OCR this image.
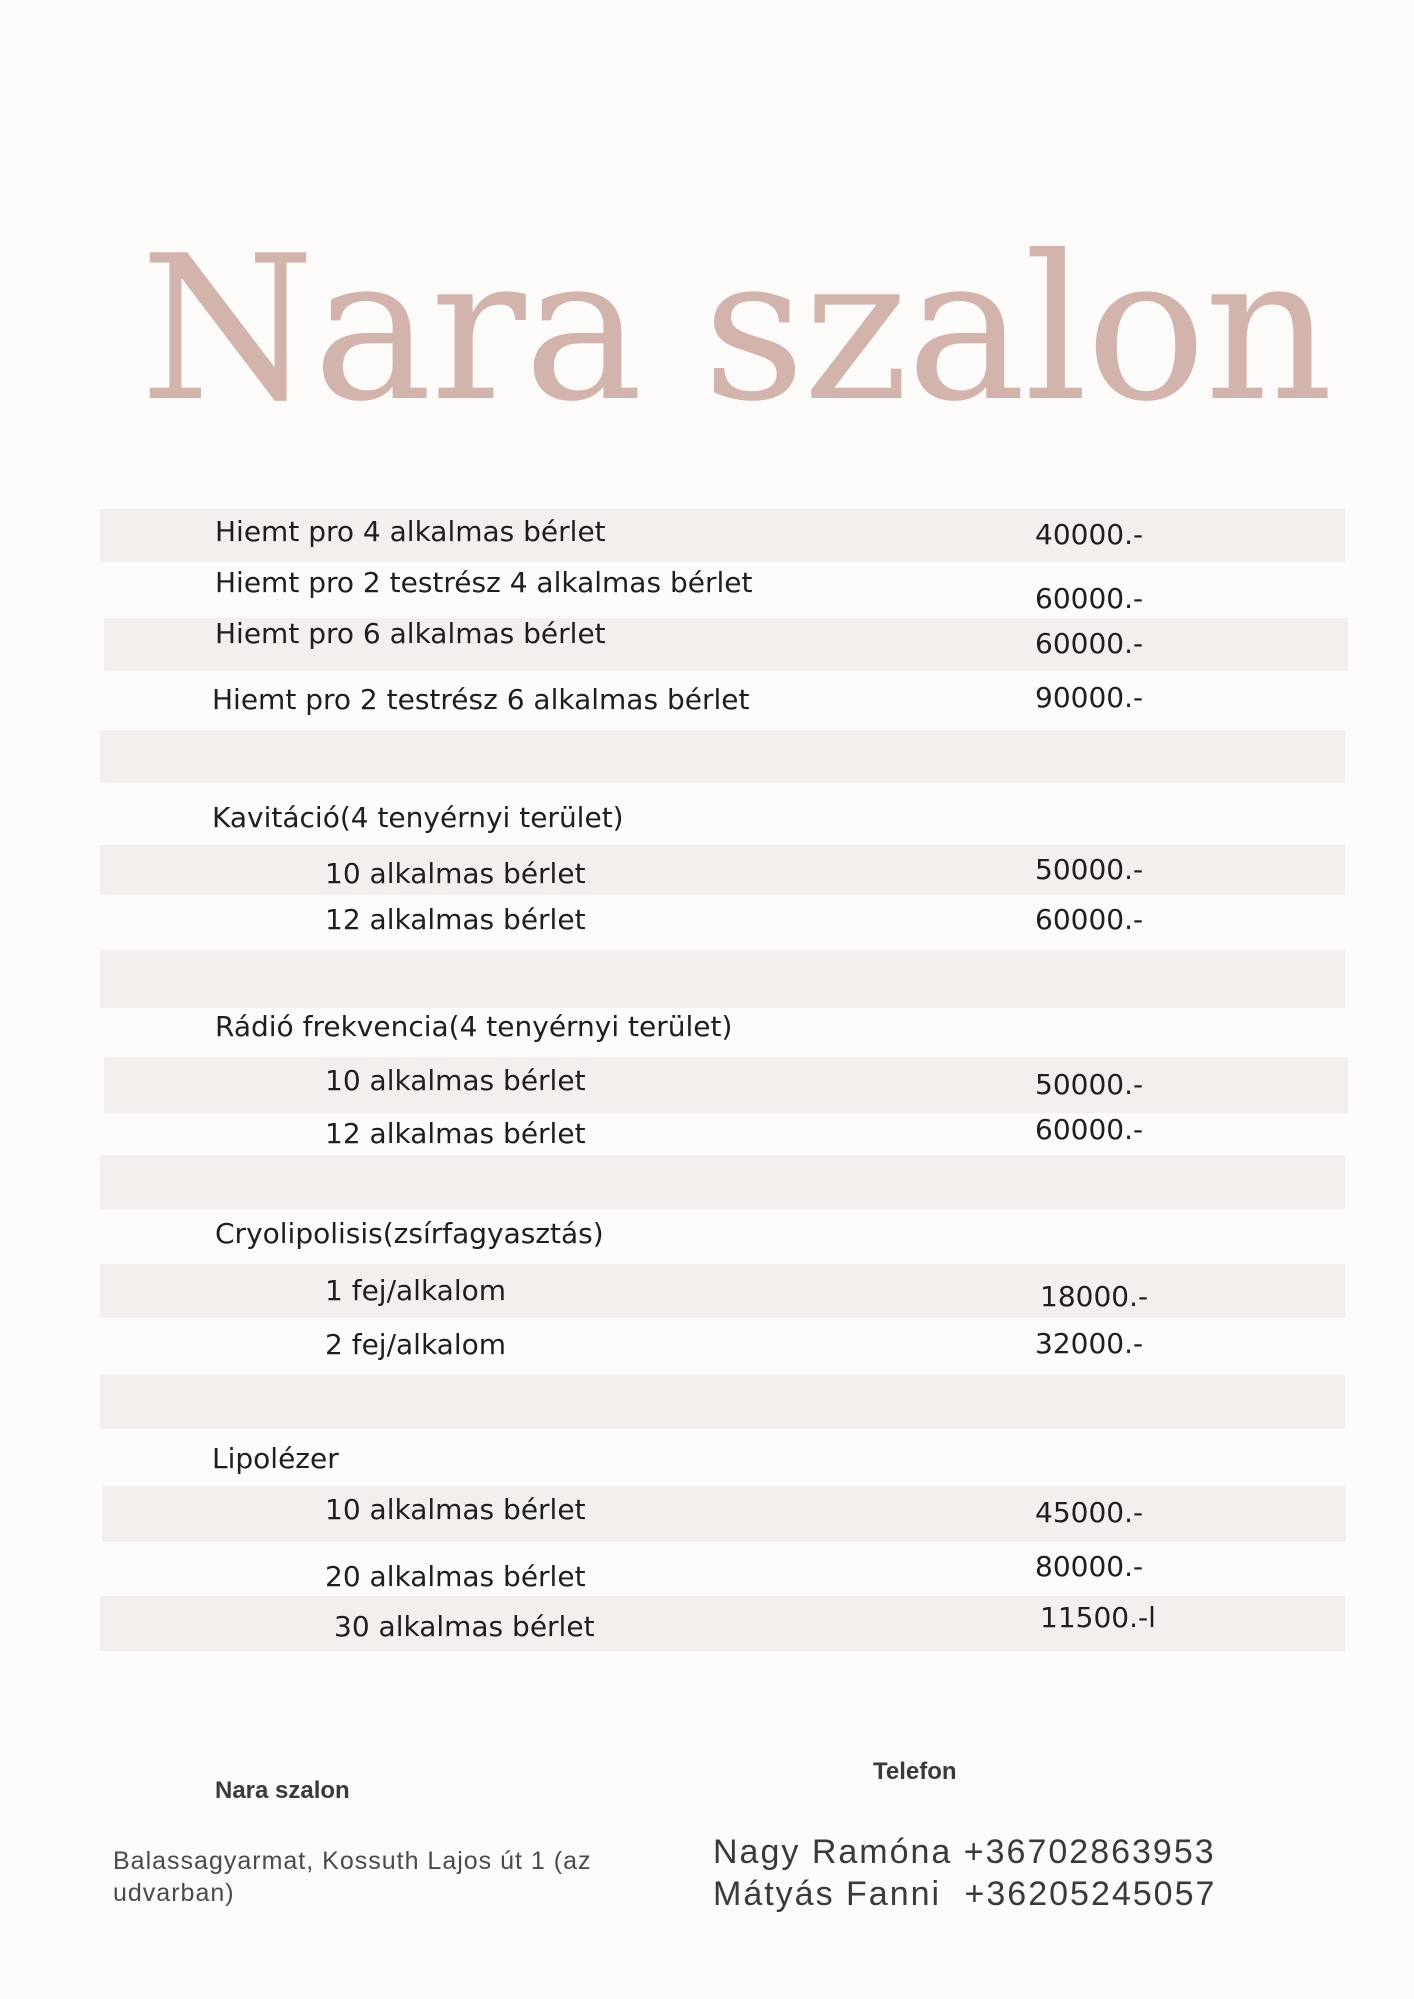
Nara szalon
Hiemt pro 4 alkalmas bérlet	40000.-
Hiemt pro 2 testrész 4 alkalmas bérlet	60000.-
Hiemt pro 6 alkalmas bérlet	60000.-
Hiemt pro 2 testrész 6 alkalmas bérlet	90000.-
Kavitáció(4 tenyérnyi terület)
10 alkalmas bérlet	50000.-
12 alkalmas bérlet	60000.-
Rádió frekvencia(4 tenyérnyi terület)
10 alkalmas bérlet	50000.-
12 alkalmas bérlet	60000.-
Cryolipolisis(zsírfagyasztás)
1 fej/alkalom	18000.-
2 fej/alkalom	32000.-
Lipolézer
10 alkalmas bérlet	45000.-
20 alkalmas bérlet	80000.-
30 alkalmas bérlet	11500.-l
Nara szalon
Balassagyarmat, Kossuth Lajos út 1 (az udvarban)
Telefon
Nagy Ramóna +36702863953
Mátyás Fanni +36205245057
